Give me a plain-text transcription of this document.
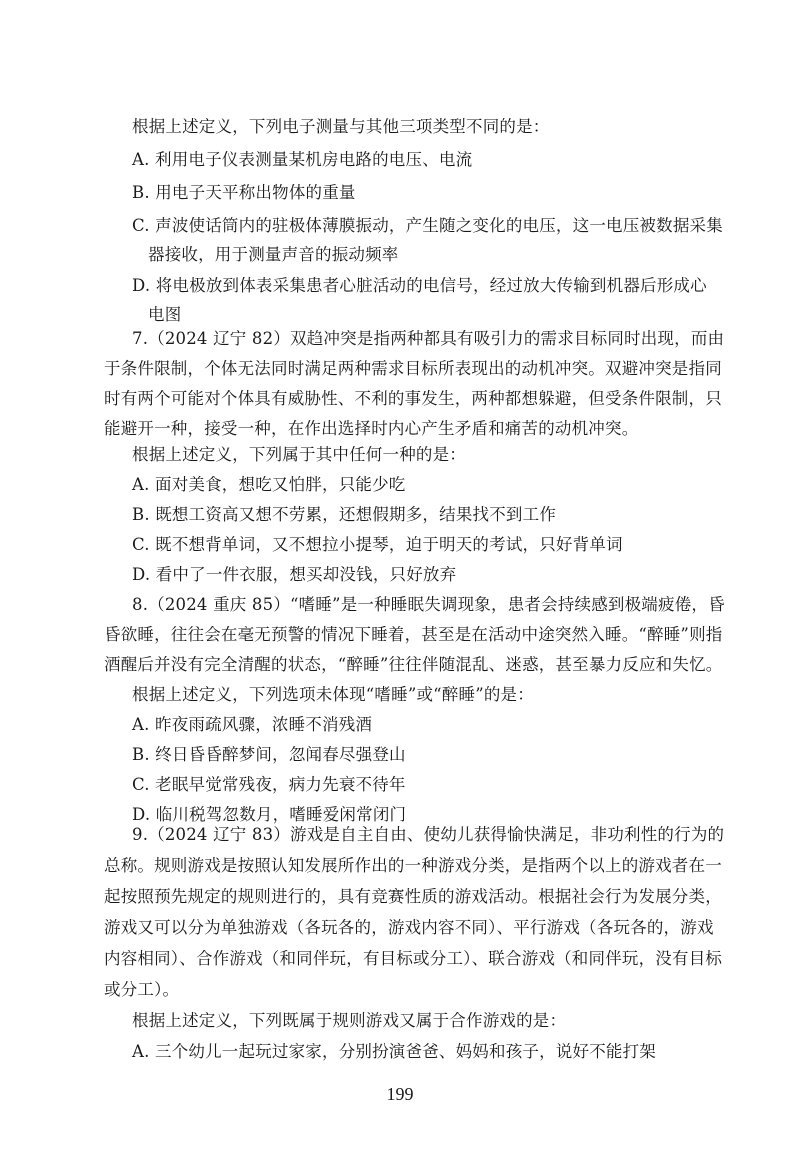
根据上述定义，下列电子测量与其他三项类型不同的是：
A. 利用电子仪表测量某机房电路的电压、电流
B. 用电子天平称出物体的重量
C. 声波使话筒内的驻极体薄膜振动，产生随之变化的电压，这一电压被数据采集
器接收，用于测量声音的振动频率
D. 将电极放到体表采集患者心脏活动的电信号，经过放大传输到机器后形成心
电图
7.（2024 辽宁 82）双趋冲突是指两种都具有吸引力的需求目标同时出现，而由
于条件限制，个体无法同时满足两种需求目标所表现出的动机冲突。双避冲突是指同
时有两个可能对个体具有威胁性、不利的事发生，两种都想躲避，但受条件限制，只
能避开一种，接受一种，在作出选择时内心产生矛盾和痛苦的动机冲突。
根据上述定义，下列属于其中任何一种的是：
A. 面对美食，想吃又怕胖，只能少吃
B. 既想工资高又想不劳累，还想假期多，结果找不到工作
C. 既不想背单词，又不想拉小提琴，迫于明天的考试，只好背单词
D. 看中了一件衣服，想买却没钱，只好放弃
8.（2024 重庆 85）“嗜睡”是一种睡眠失调现象，患者会持续感到极端疲倦，昏
昏欲睡，往往会在毫无预警的情况下睡着，甚至是在活动中途突然入睡。“醉睡”则指
酒醒后并没有完全清醒的状态，“醉睡”往往伴随混乱、迷惑，甚至暴力反应和失忆。
根据上述定义，下列选项未体现“嗜睡”或“醉睡”的是：
A. 昨夜雨疏风骤，浓睡不消残酒
B. 终日昏昏醉梦间，忽闻春尽强登山
C. 老眠早觉常残夜，病力先衰不待年
D. 临川税驾忽数月，嗜睡爱闲常闭门
9.（2024 辽宁 83）游戏是自主自由、使幼儿获得愉快满足，非功利性的行为的
总称。规则游戏是按照认知发展所作出的一种游戏分类，是指两个以上的游戏者在一
起按照预先规定的规则进行的，具有竞赛性质的游戏活动。根据社会行为发展分类，
游戏又可以分为单独游戏（各玩各的，游戏内容不同）、平行游戏（各玩各的，游戏
内容相同）、合作游戏（和同伴玩，有目标或分工）、联合游戏（和同伴玩，没有目标
或分工）。
根据上述定义，下列既属于规则游戏又属于合作游戏的是：
A. 三个幼儿一起玩过家家，分别扮演爸爸、妈妈和孩子，说好不能打架
199
